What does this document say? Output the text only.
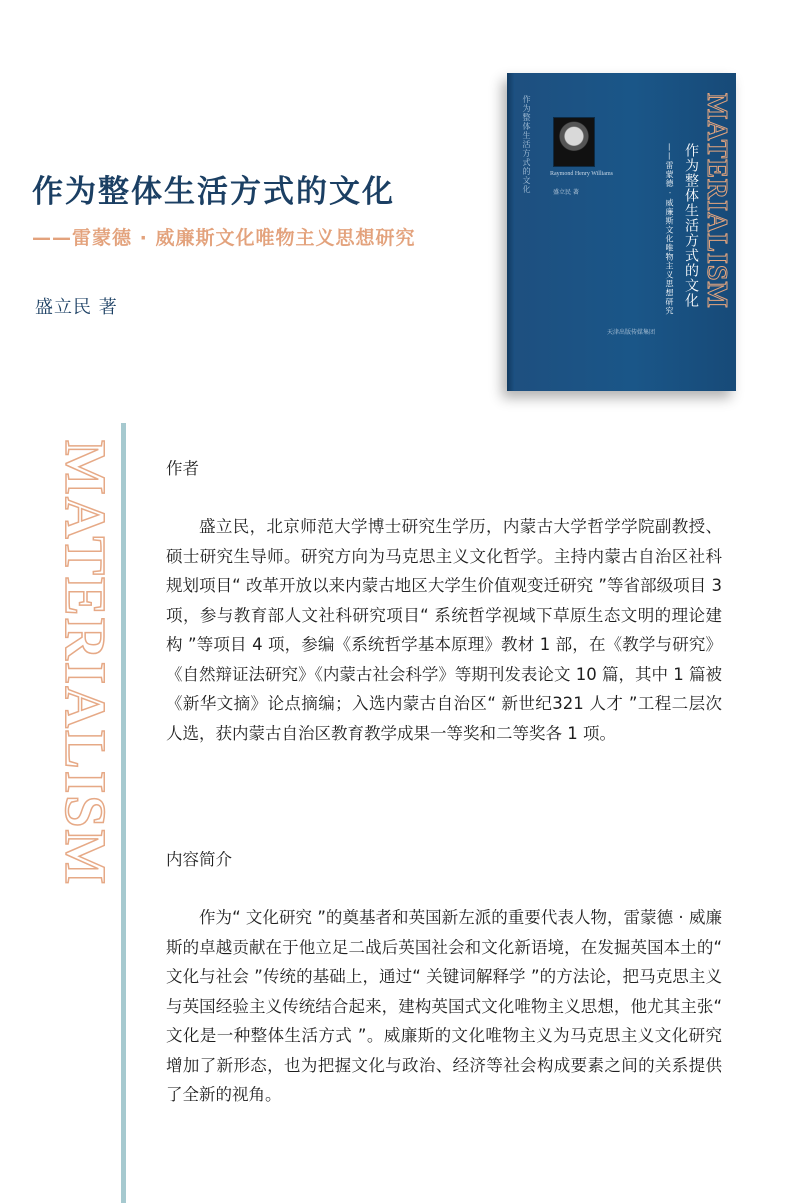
作为整体生活方式的文化
——雷蒙德 · 威廉斯文化唯物主义思想研究
盛立民 著
作为整体生活方式的文化	Raymond Henry Williams
盛立民 著	作为整体生活方式的文化
——雷蒙德 · 威廉斯文化唯物主义思想研究 MATERIALISM
天津出版传媒集团
MATERIALISM	作者

盛立民，北京师范大学博士研究生学历，内蒙古大学哲学学院副教授、硕士研究生导师。研究方向为马克思主义文化哲学。主持内蒙古自治区社科规划项目“ 改革开放以来内蒙古地区大学生价值观变迁研究 ”等省部级项目 3 项，参与教育部人文社科研究项目“ 系统哲学视域下草原生态文明的理论建构 ”等项目 4 项，参编《系统哲学基本原理》教材 1 部，在《教学与研究》《自然辩证法研究》《内蒙古社会科学》等期刊发表论文 10 篇，其中 1 篇被《新华文摘》论点摘编；入选内蒙古自治区“ 新世纪321 人才 ”工程二层次人选，获内蒙古自治区教育教学成果一等奖和二等奖各 1 项。

内容简介

作为“ 文化研究 ”的奠基者和英国新左派的重要代表人物，雷蒙德 · 威廉斯的卓越贡献在于他立足二战后英国社会和文化新语境，在发掘英国本土的“ 文化与社会 ”传统的基础上，通过“ 关键词解释学 ”的方法论，把马克思主义与英国经验主义传统结合起来，建构英国式文化唯物主义思想，他尤其主张“ 文化是一种整体生活方式 ”。威廉斯的文化唯物主义为马克思主义文化研究增加了新形态，也为把握文化与政治、经济等社会构成要素之间的关系提供了全新的视角。
